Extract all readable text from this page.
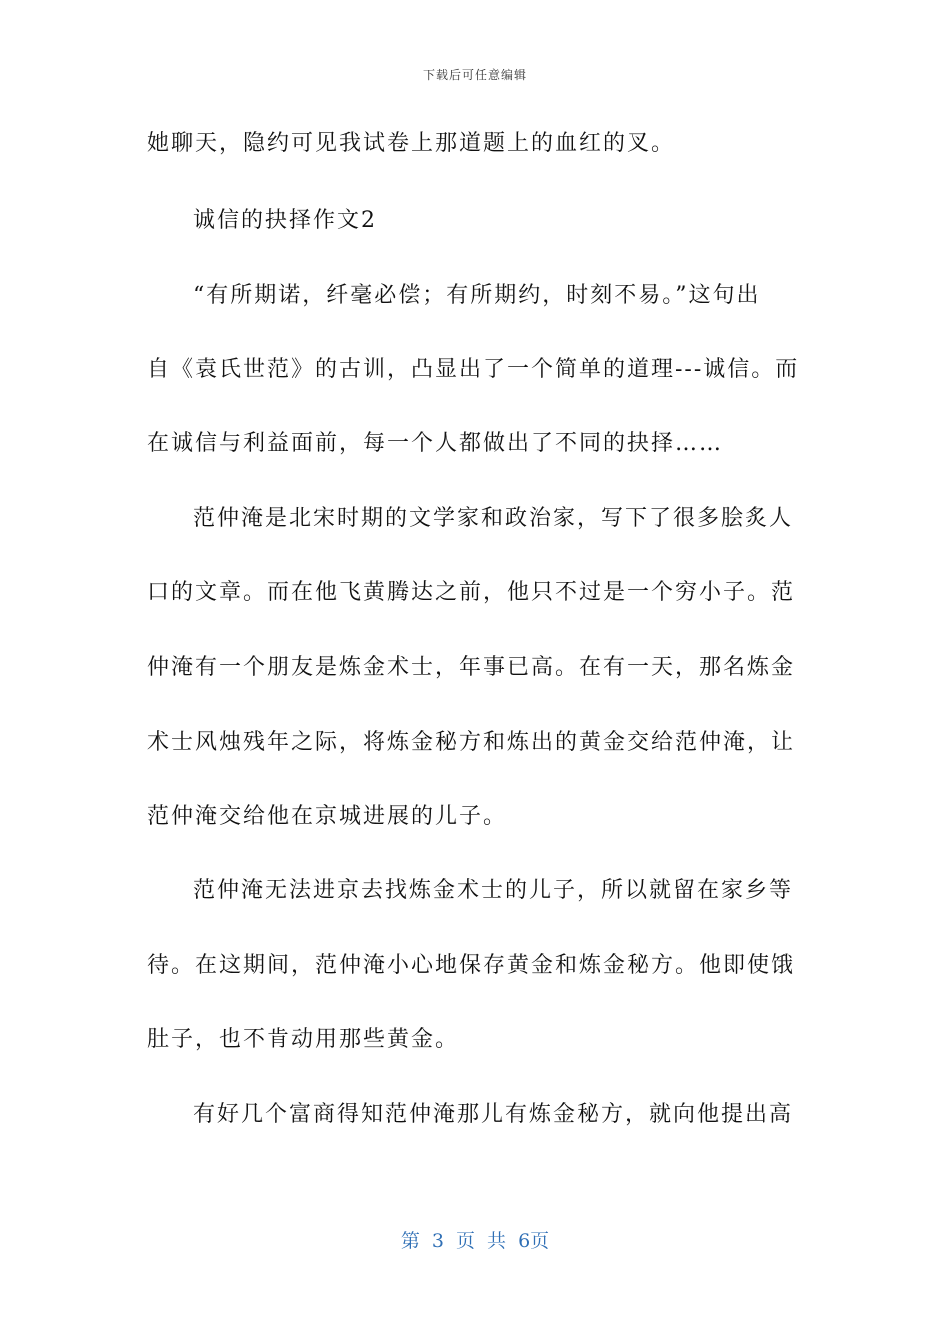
下载后可任意编辑
她聊天，隐约可见我试卷上那道题上的血红的叉。
诚信的抉择作文2
“有所期诺，纤毫必偿；有所期约，时刻不易。”这句出
自《袁氏世范》的古训，凸显出了一个简单的道理---诚信。而
在诚信与利益面前，每一个人都做出了不同的抉择……
范仲淹是北宋时期的文学家和政治家，写下了很多脍炙人
口的文章。而在他飞黄腾达之前，他只不过是一个穷小子。范
仲淹有一个朋友是炼金术士，年事已高。在有一天，那名炼金
术士风烛残年之际，将炼金秘方和炼出的黄金交给范仲淹，让
范仲淹交给他在京城进展的儿子。
范仲淹无法进京去找炼金术士的儿子，所以就留在家乡等
待。在这期间，范仲淹小心地保存黄金和炼金秘方。他即使饿
肚子，也不肯动用那些黄金。
有好几个富商得知范仲淹那儿有炼金秘方，就向他提出高
第 3 页 共 6页
